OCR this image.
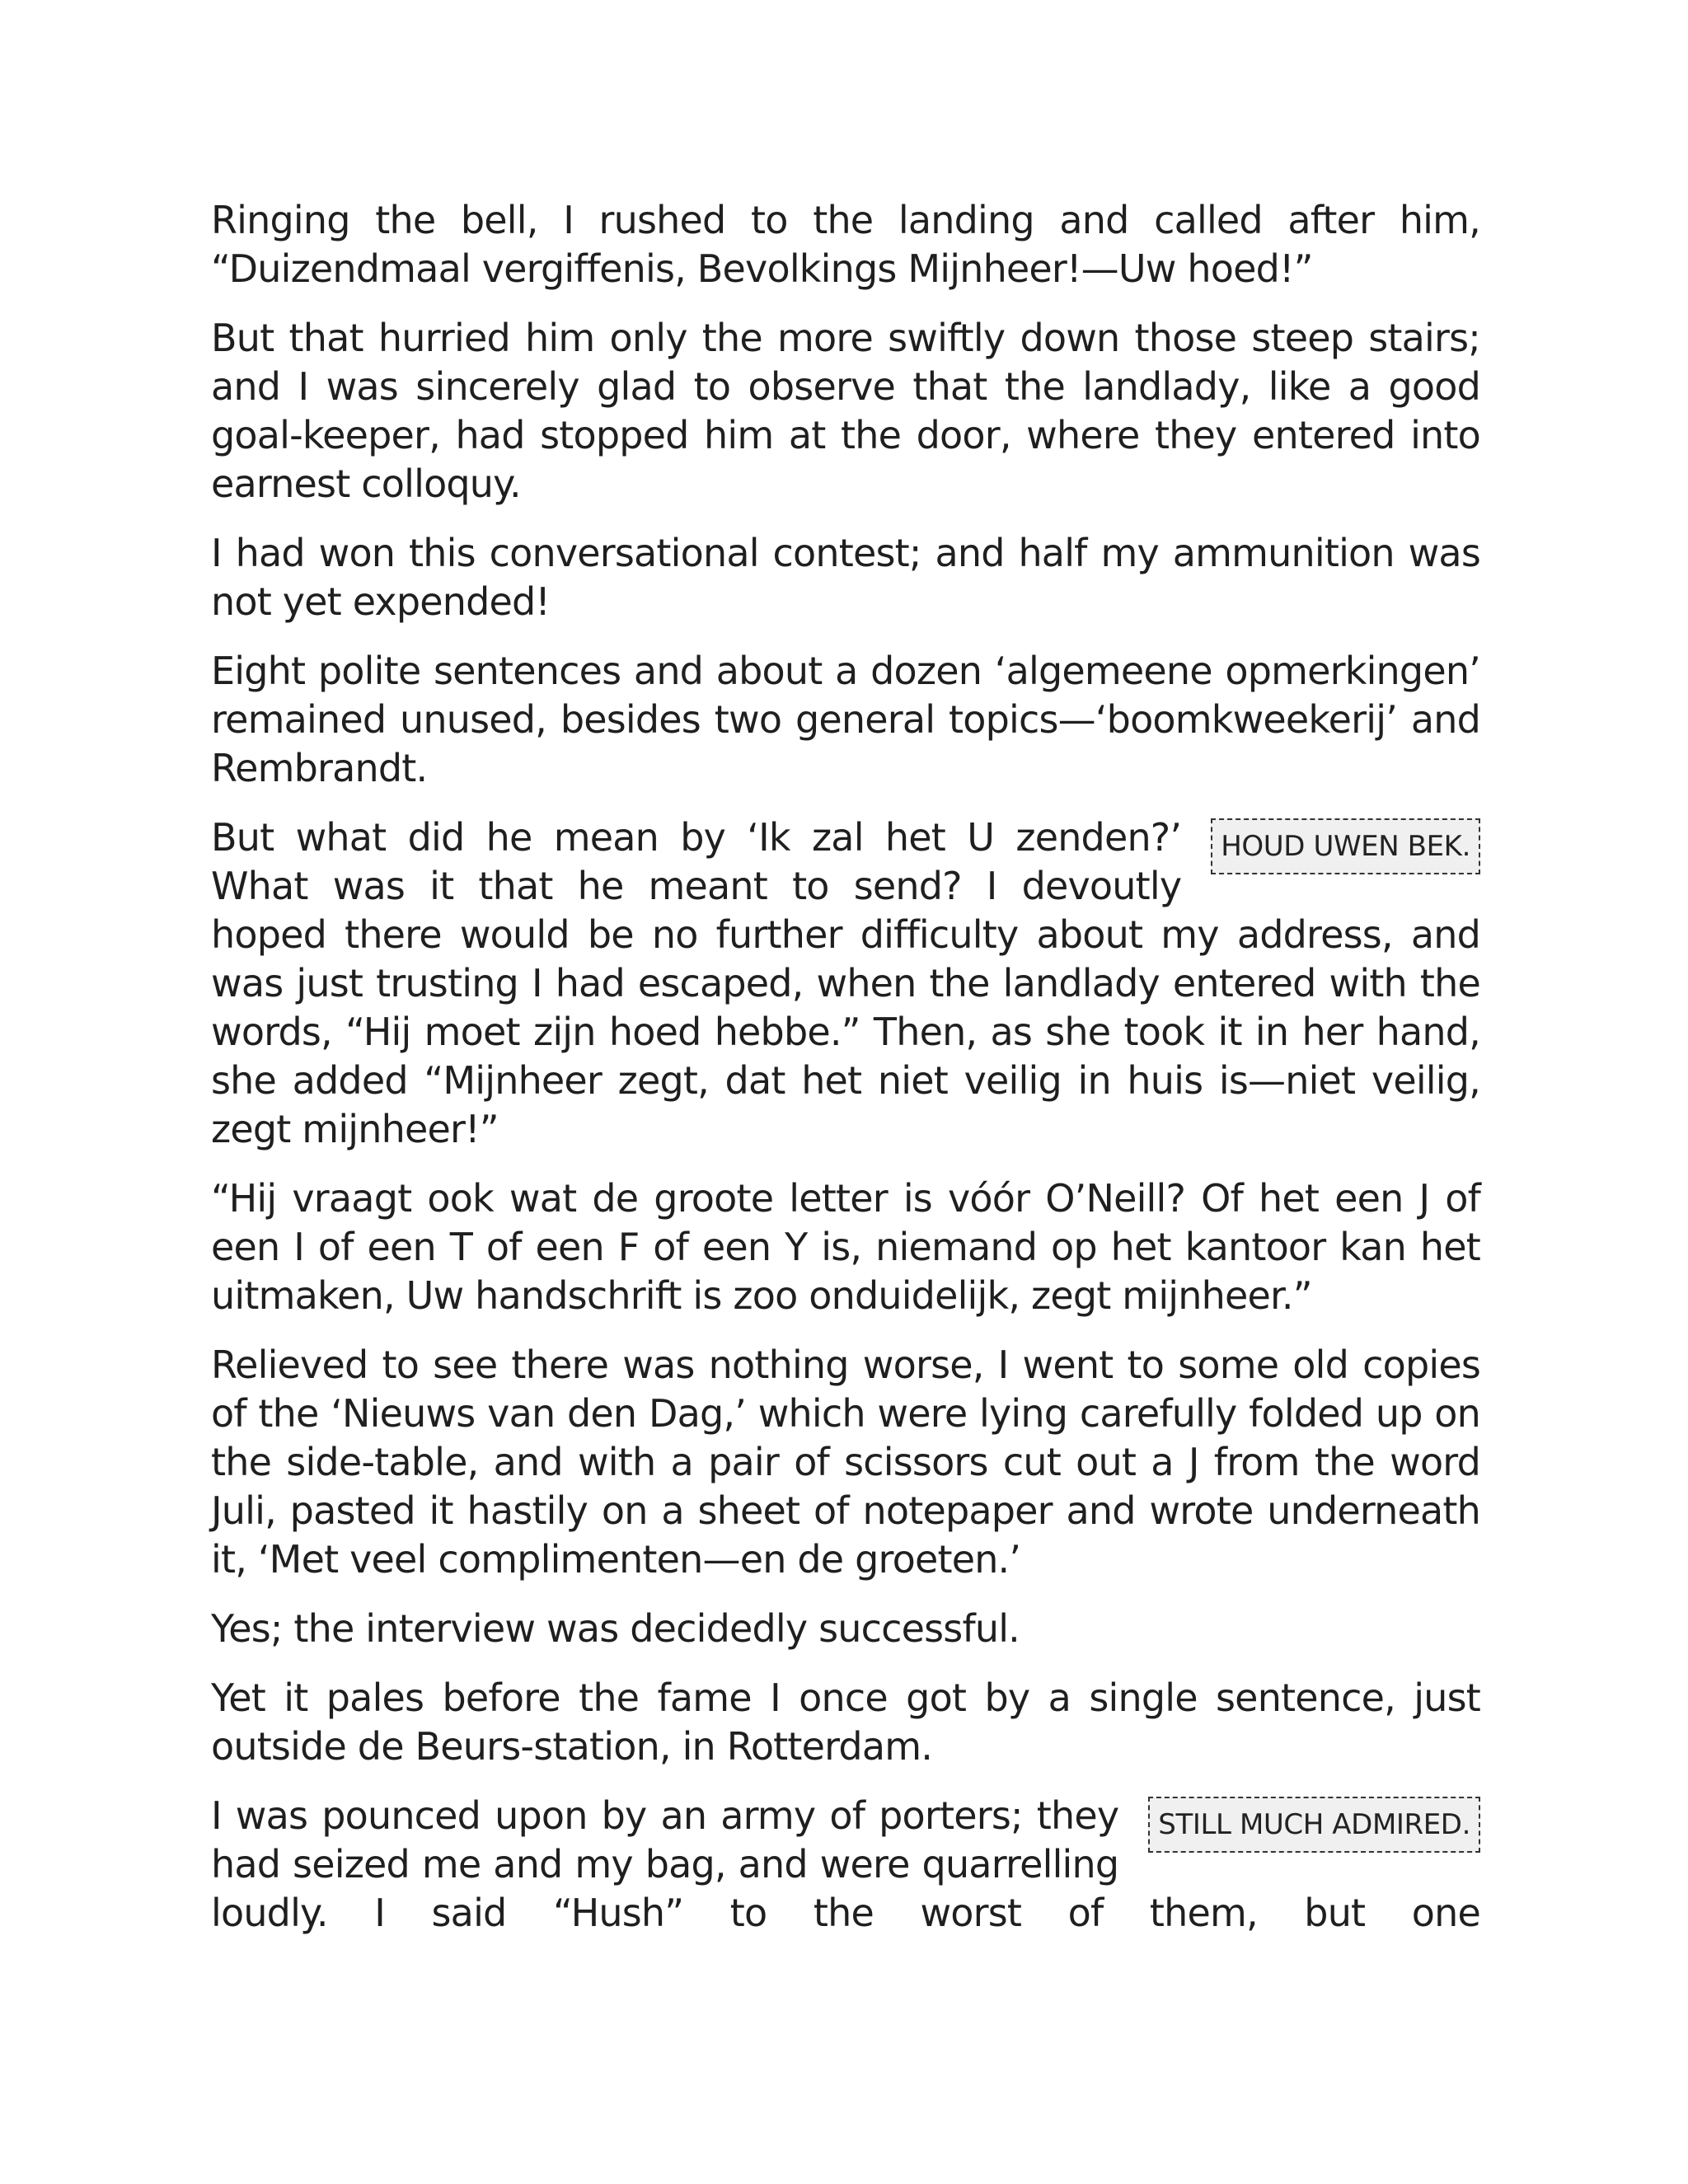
Ringing the bell, I rushed to the landing and called after him, “Duizendmaal vergiffenis, Bevolkings Mijnheer!—Uw hoed!”

But that hurried him only the more swiftly down those steep stairs; and I was sincerely glad to observe that the landlady, like a good goal-keeper, had stopped him at the door, where they entered into earnest colloquy.

I had won this conversational contest; and half my ammunition was not yet expended!

Eight polite sentences and about a dozen ‘algemeene opmerkingen’ remained unused, besides two general topics—‘boomkweekerij’ and Rembrandt.

HOUD UWEN BEK.

But what did he mean by ‘Ik zal het U zenden?’ What was it that he meant to send? I devoutly hoped there would be no further difficulty about my address, and was just trusting I had escaped, when the landlady entered with the words, “Hij moet zijn hoed hebbe.” Then, as she took it in her hand, she added “Mijnheer zegt, dat het niet veilig in huis is—niet veilig, zegt mijnheer!”

“Hij vraagt ook wat de groote letter is vóór O’Neill? Of het een J of een I of een T of een F of een Y is, niemand op het kantoor kan het uitmaken, Uw handschrift is zoo onduidelijk, zegt mijnheer.”

Relieved to see there was nothing worse, I went to some old copies of the ‘Nieuws van den Dag,’ which were lying carefully folded up on the side-table, and with a pair of scissors cut out a J from the word Juli, pasted it hastily on a sheet of notepaper and wrote underneath it, ‘Met veel complimenten—en de groeten.’

Yes; the interview was decidedly successful.

Yet it pales before the fame I once got by a single sentence, just outside de Beurs-station, in Rotterdam.

STILL MUCH ADMIRED.

I was pounced upon by an army of porters; they had seized me and my bag, and were quarrelling loudly. I said “Hush” to the worst of them, but one
